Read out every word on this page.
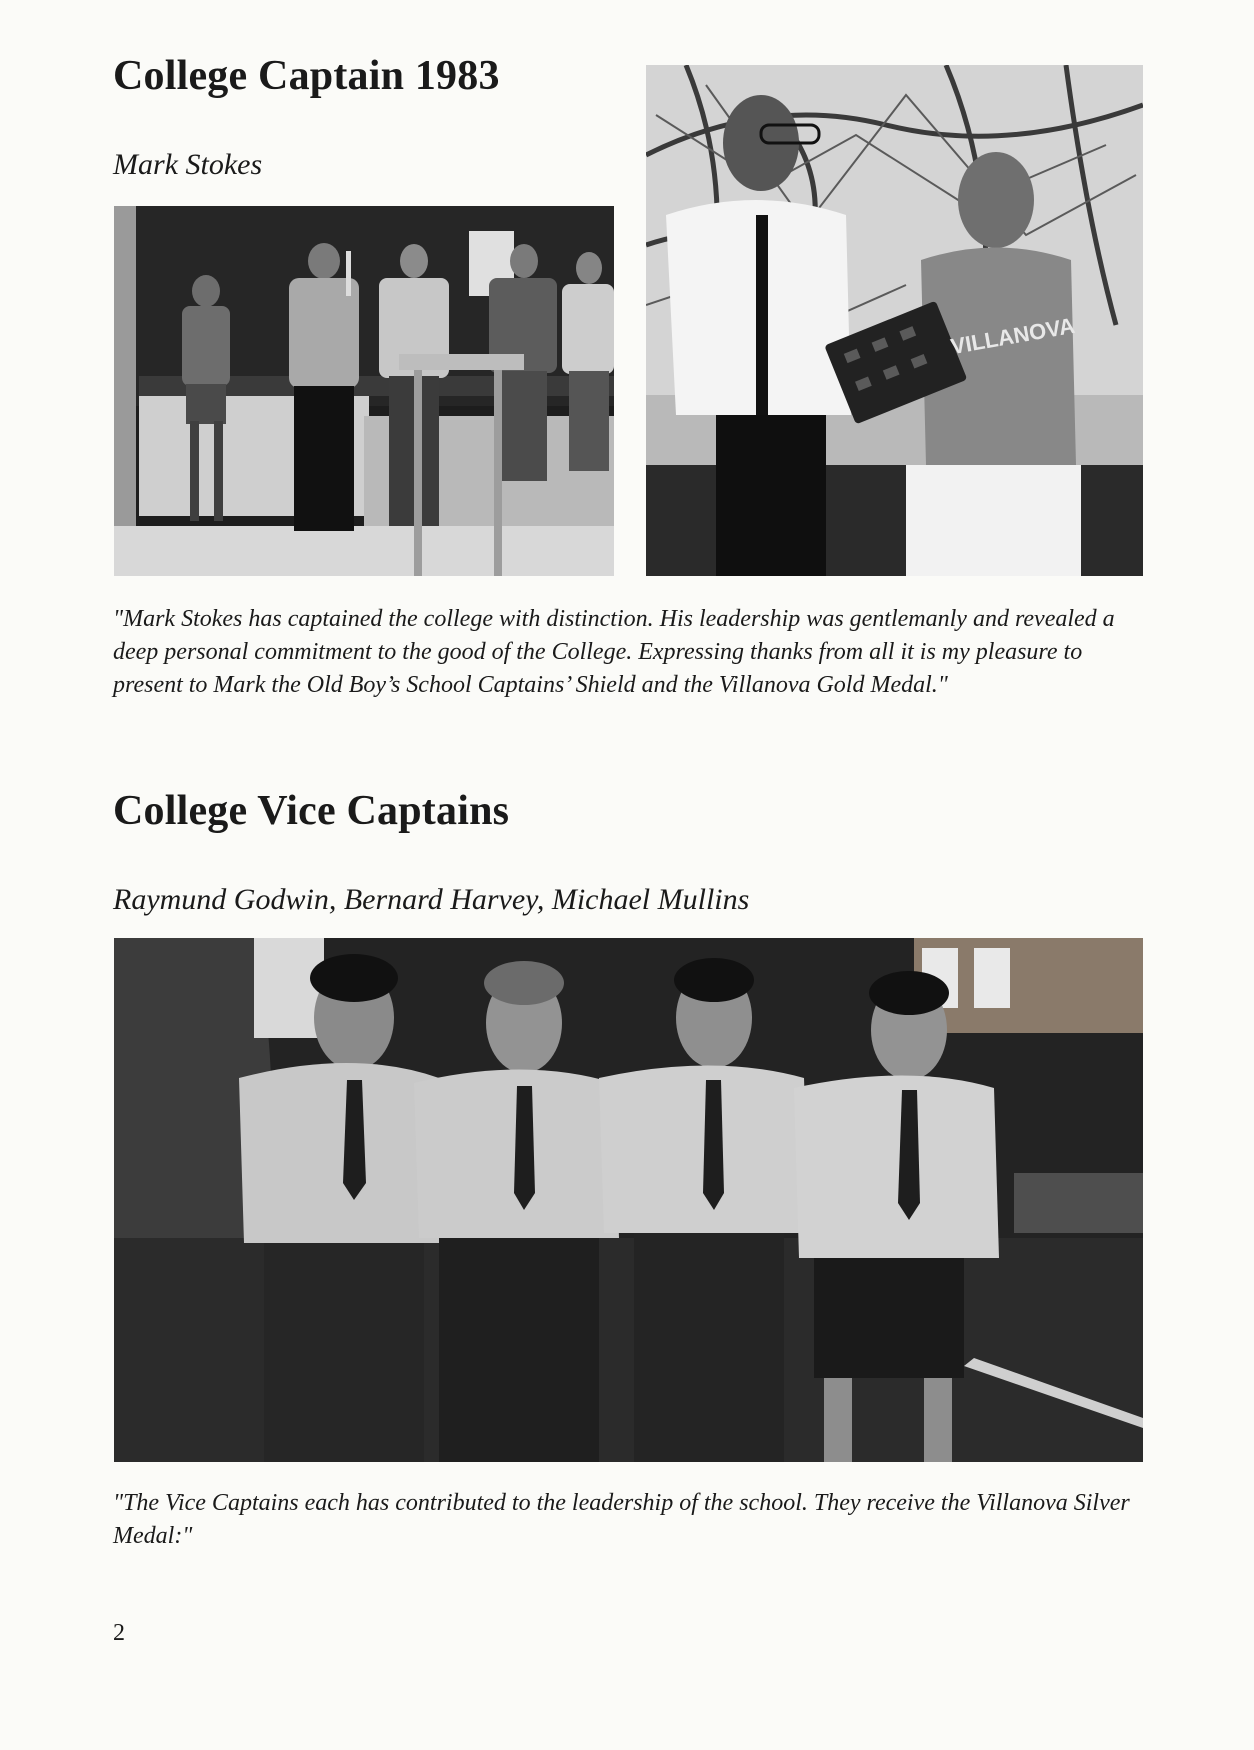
College Captain 1983

Mark Stokes

VILLANOVA

"Mark Stokes has captained the college with distinction. His leadership was gentlemanly and revealed a deep personal commitment to the good of the College. Expressing thanks from all it is my pleasure to present to Mark the Old Boy’s School Captains’ Shield and the Villanova Gold Medal."

College Vice Captains

Raymund Godwin, Bernard Harvey, Michael Mullins

"The Vice Captains each has contributed to the leadership of the school. They receive the Villanova Silver Medal:"

2
